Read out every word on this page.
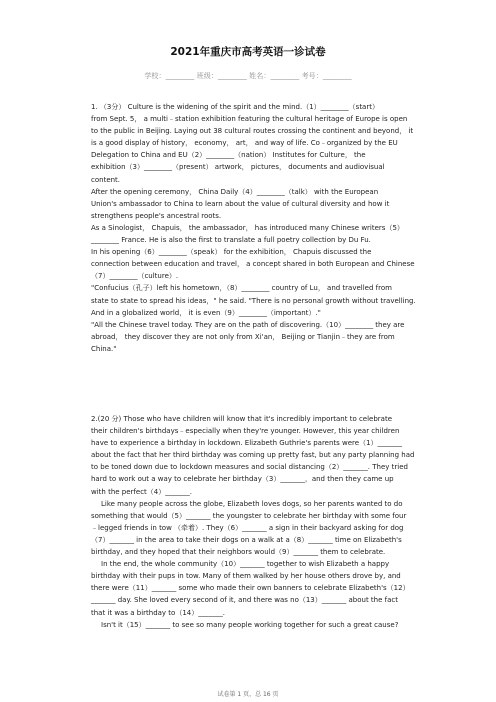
2021年重庆市高考英语一诊试卷
学校：________ 班级：________ 姓名：________ 考号：________

1. （3分） Culture is the widening of the spirit and the mind.（1）________（start）

from Sept. 5， a multi﹣station exhibition featuring the cultural heritage of Europe is open

to the public in Beijing. Laying out 38 cultural routes crossing the continent and beyond， it

is a good display of history， economy， art， and way of life. Co﹣organized by the EU

Delegation to China and EU（2）________（nation） Institutes for Culture， the

exhibition（3）________（present） artwork， pictures， documents and audiovisual

content.

After the opening ceremony， China Daily（4）________（talk） with the European

Union's ambassador to China to learn about the value of cultural diversity and how it

strengthens people's ancestral roots.

As a Sinologist， Chapuis， the ambassador， has introduced many Chinese writers（5）

________ France. He is also the first to translate a full poetry collection by Du Fu.

In his opening（6）________（speak） for the exhibition， Chapuis discussed the

connection between education and travel， a concept shared in both European and Chinese

（7）________（culture）.

"Confucius（孔子）left his hometown，（8）________ country of Lu， and travelled from

state to state to spread his ideas，" he said. "There is no personal growth without travelling.

And in a globalized world， it is even（9）________（important）."

"All the Chinese travel today. They are on the path of discovering.（10）________ they are

abroad， they discover they are not only from Xi'an， Beijing or Tianjin﹣they are from

China."

2.(20 分) Those who have children will know that it's incredibly important to celebrate

their children's birthdays﹣especially when they're younger. However, this year children

have to experience a birthday in lockdown. Elizabeth Guthrie's parents were（1）_______

about the fact that her third birthday was coming up pretty fast, but any party planning had

to be toned down due to lockdown measures and social distancing（2）_______. They tried

hard to work out a way to celebrate her birthday（3）_______，and then they came up

with the perfect（4）_______.

Like many people across the globe, Elizabeth loves dogs, so her parents wanted to do

something that would（5）_______ the youngster to celebrate her birthday with some four

﹣legged friends in tow （牵着）. They（6）_______ a sign in their backyard asking for dog

（7）_______ in the area to take their dogs on a walk at a（8）_______ time on Elizabeth's

birthday, and they hoped that their neighbors would（9）_______ them to celebrate.

In the end, the whole community（10）_______ together to wish Elizabeth a happy

birthday with their pups in tow. Many of them walked by her house others drove by, and

there were（11）_______ some who made their own banners to celebrate Elizabeth's（12）

_______ day. She loved every second of it, and there was no（13）_______ about the fact

that it was a birthday to（14）_______.

Isn't it（15）_______ to see so many people working together for such a great cause?

试卷第 1 页，总 16 页
